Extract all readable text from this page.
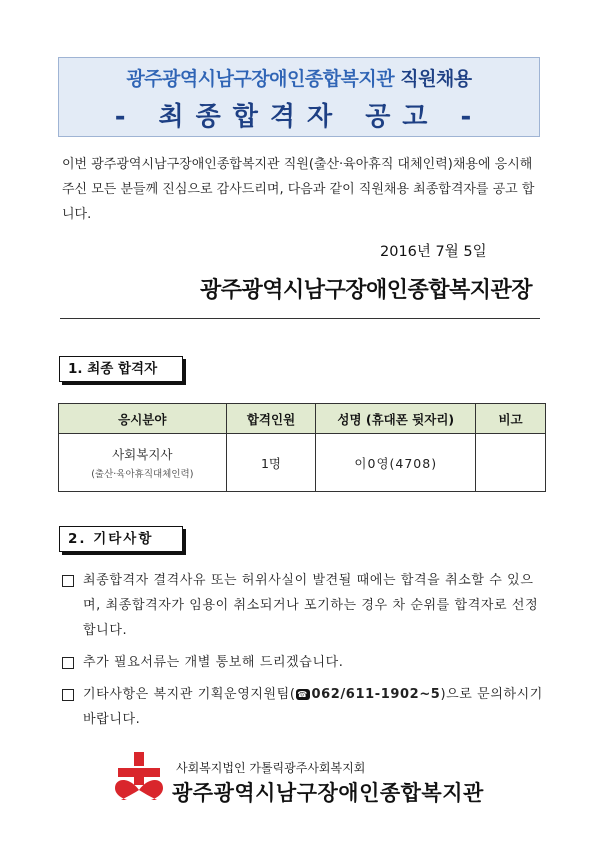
광주광역시남구장애인종합복지관 직원채용
- 최종합격자 공고 -
이번 광주광역시남구장애인종합복지관 직원(출산·육아휴직 대체인력)채용에 응시해주신 모든 분들께 진심으로 감사드리며, 다음과 같이 직원채용 최종합격자를 공고 합니다.
2016년 7월 5일
광주광역시남구장애인종합복지관장
1. 최종 합격자
응시분야	합격인원	성명 (휴대폰 뒷자리)	비고
사회복지사
(출산·육아휴직대체인력)	1명	이0영(4708)	
2. 기타사항
최종합격자 결격사유 또는 허위사실이 발견될 때에는 합격을 취소할 수 있으며, 최종합격자가 임용이 취소되거나 포기하는 경우 차 순위를 합격자로 선정합니다.
추가 필요서류는 개별 통보해 드리겠습니다.
기타사항은 복지관 기획운영지원팀( ☎ 062/611-1902~5)으로 문의하시기 바랍니다.
사회복지법인 가톨릭광주사회복지회
광주광역시남구장애인종합복지관
